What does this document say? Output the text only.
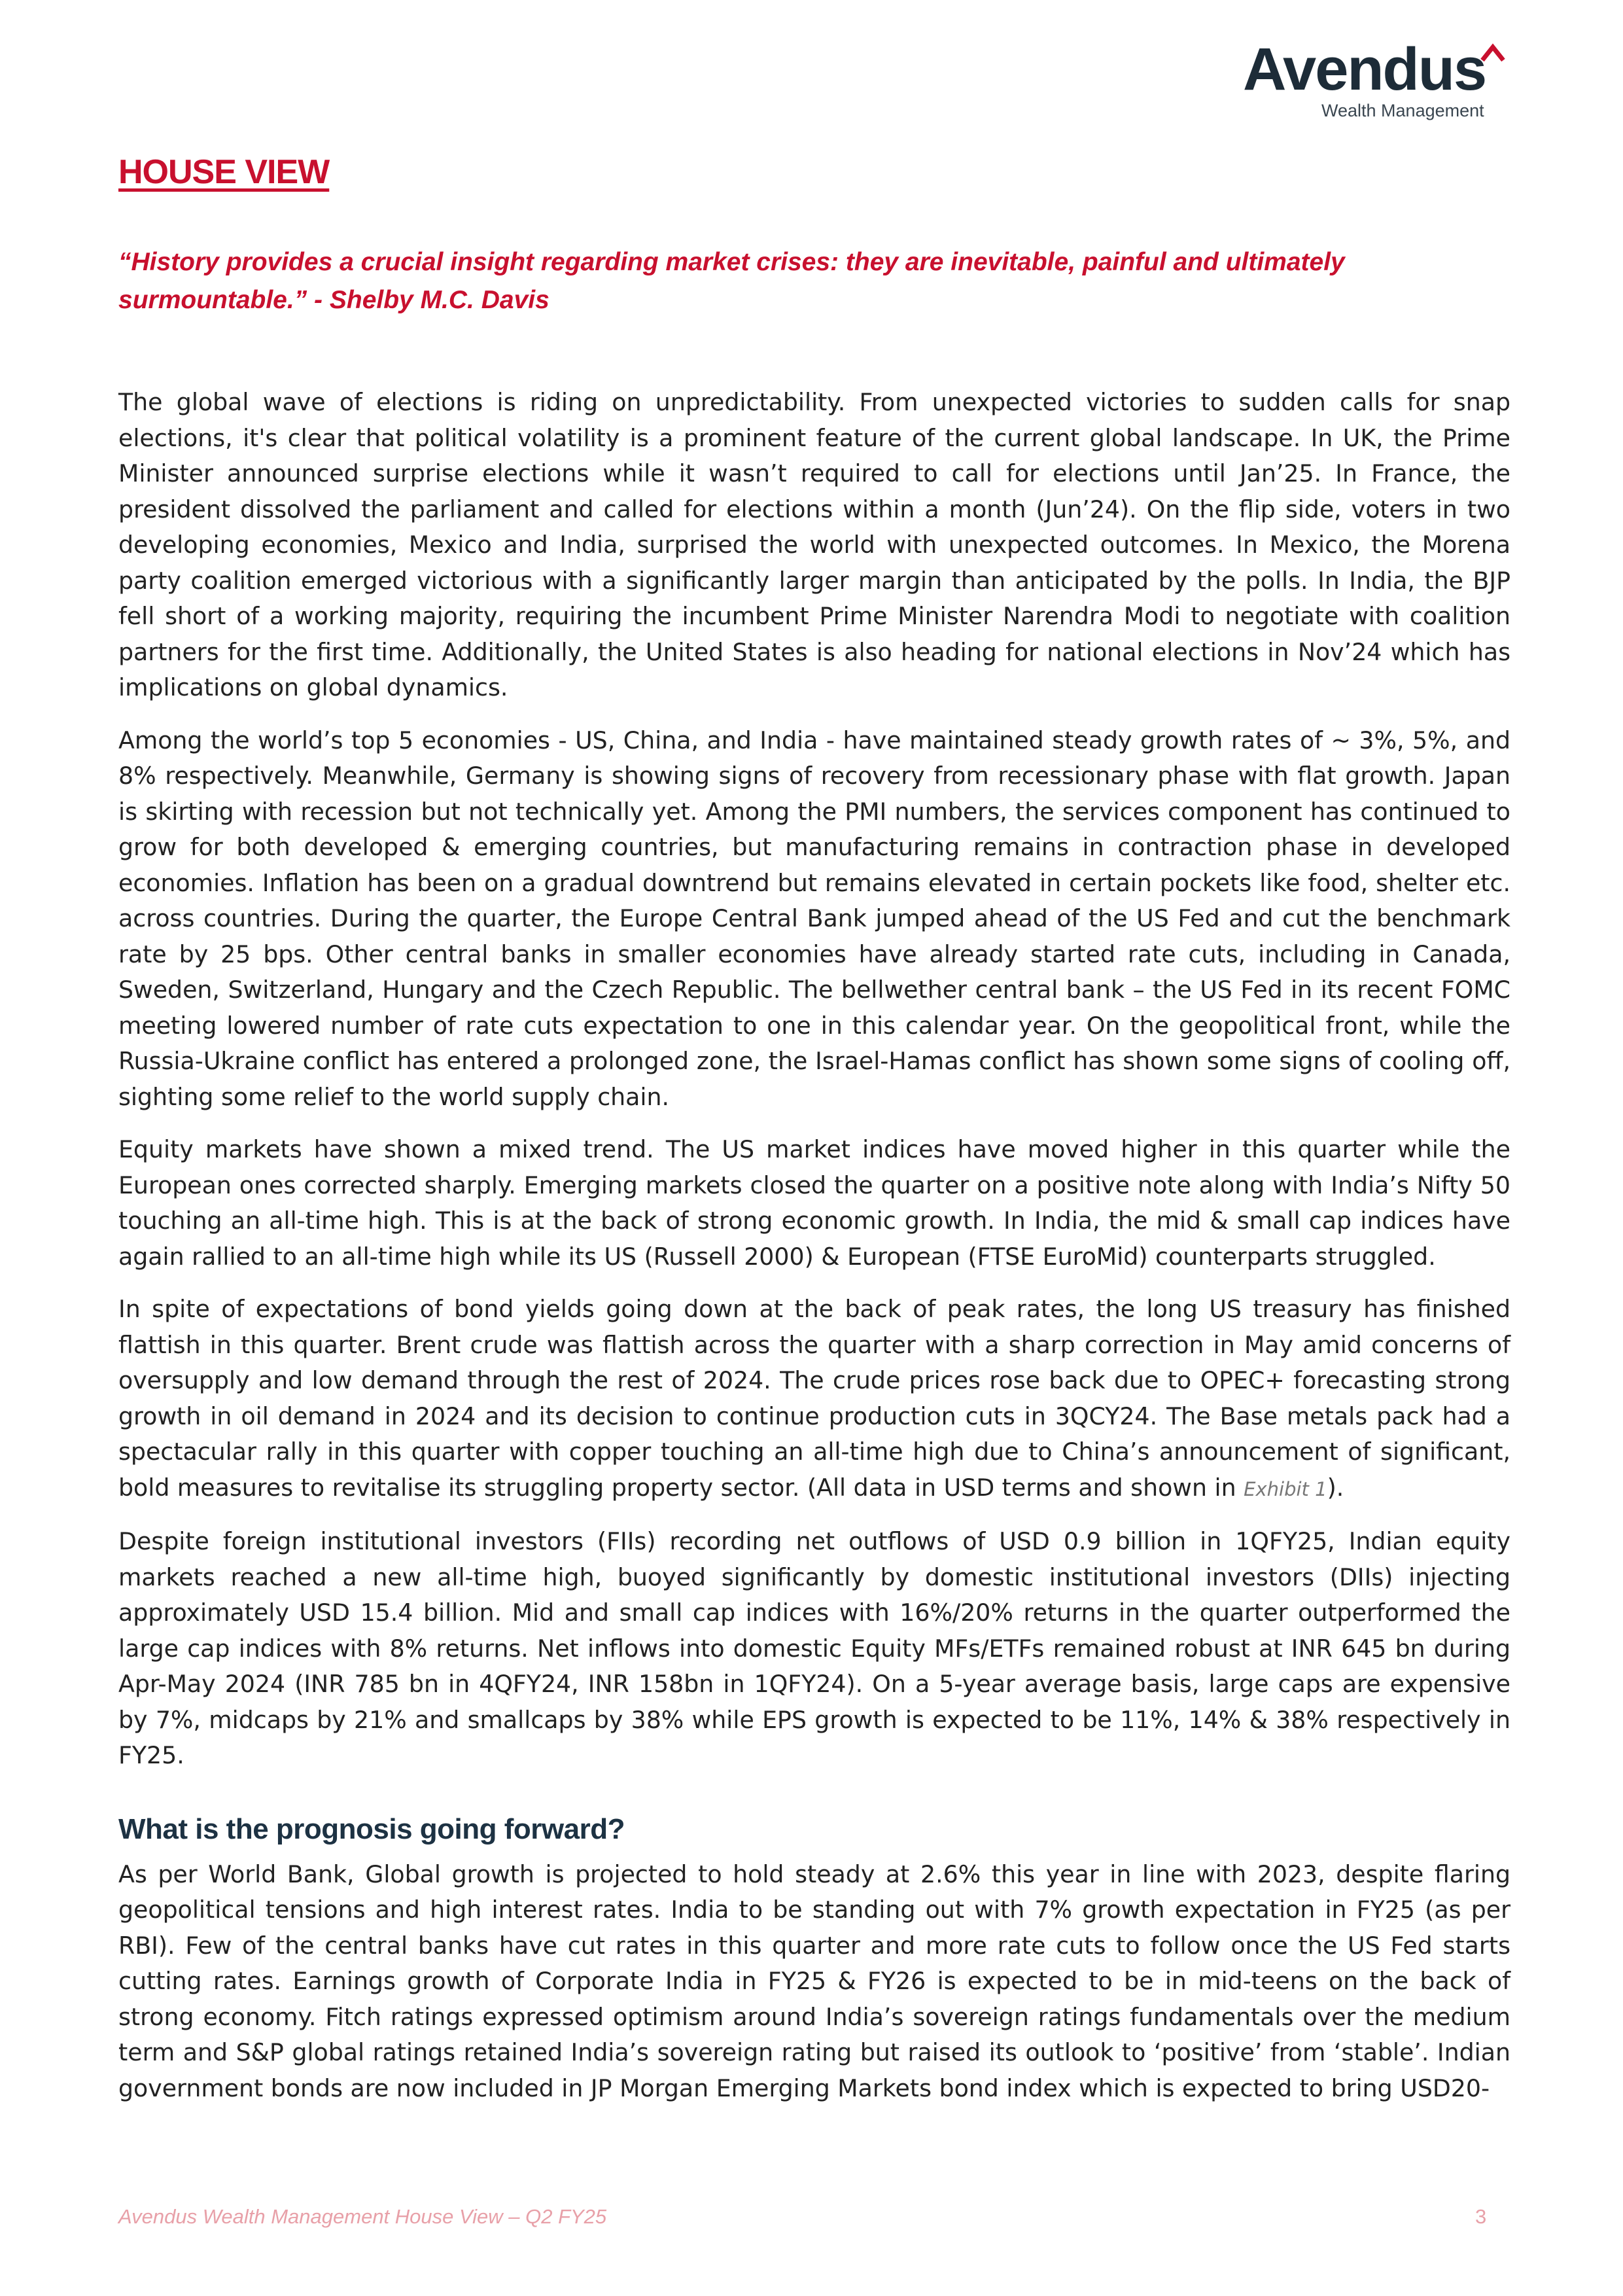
Avendus
Wealth Management
HOUSE VIEW

“History provides a crucial insight regarding market crises: they are inevitable, painful and ultimately surmountable.” - Shelby M.C. Davis

The global wave of elections is riding on unpredictability. From unexpected victories to sudden calls for snap elections, it's clear that political volatility is a prominent feature of the current global landscape. In UK, the Prime Minister announced surprise elections while it wasn’t required to call for elections until Jan’25. In France, the president dissolved the parliament and called for elections within a month (Jun’24). On the flip side, voters in two developing economies, Mexico and India, surprised the world with unexpected outcomes. In Mexico, the Morena party coalition emerged victorious with a significantly larger margin than anticipated by the polls. In India, the BJP fell short of a working majority, requiring the incumbent Prime Minister Narendra Modi to negotiate with coalition partners for the first time. Additionally, the United States is also heading for national elections in Nov’24 which has implications on global dynamics.

Among the world’s top 5 economies - US, China, and India - have maintained steady growth rates of ~ 3%, 5%, and 8% respectively. Meanwhile, Germany is showing signs of recovery from recessionary phase with flat growth. Japan is skirting with recession but not technically yet. Among the PMI numbers, the services component has continued to grow for both developed & emerging countries, but manufacturing remains in contraction phase in developed economies. Inflation has been on a gradual downtrend but remains elevated in certain pockets like food, shelter etc. across countries. During the quarter, the Europe Central Bank jumped ahead of the US Fed and cut the benchmark rate by 25 bps. Other central banks in smaller economies have already started rate cuts, including in Canada, Sweden, Switzerland, Hungary and the Czech Republic. The bellwether central bank – the US Fed in its recent FOMC meeting lowered number of rate cuts expectation to one in this calendar year. On the geopolitical front, while the Russia-Ukraine conflict has entered a prolonged zone, the Israel-Hamas conflict has shown some signs of cooling off, sighting some relief to the world supply chain.

Equity markets have shown a mixed trend. The US market indices have moved higher in this quarter while the European ones corrected sharply. Emerging markets closed the quarter on a positive note along with India’s Nifty 50 touching an all-time high. This is at the back of strong economic growth. In India, the mid & small cap indices have again rallied to an all-time high while its US (Russell 2000) & European (FTSE EuroMid) counterparts struggled.

In spite of expectations of bond yields going down at the back of peak rates, the long US treasury has finished flattish in this quarter. Brent crude was flattish across the quarter with a sharp correction in May amid concerns of oversupply and low demand through the rest of 2024. The crude prices rose back due to OPEC+ forecasting strong growth in oil demand in 2024 and its decision to continue production cuts in 3QCY24. The Base metals pack had a spectacular rally in this quarter with copper touching an all-time high due to China’s announcement of significant, bold measures to revitalise its struggling property sector. (All data in USD terms and shown in Exhibit 1).

Despite foreign institutional investors (FIIs) recording net outflows of USD 0.9 billion in 1QFY25, Indian equity markets reached a new all-time high, buoyed significantly by domestic institutional investors (DIIs) injecting approximately USD 15.4 billion. Mid and small cap indices with 16%/20% returns in the quarter outperformed the large cap indices with 8% returns. Net inflows into domestic Equity MFs/ETFs remained robust at INR 645 bn during Apr-May 2024 (INR 785 bn in 4QFY24, INR 158bn in 1QFY24). On a 5-year average basis, large caps are expensive by 7%, midcaps by 21% and smallcaps by 38% while EPS growth is expected to be 11%, 14% & 38% respectively in FY25.

What is the prognosis going forward?

As per World Bank, Global growth is projected to hold steady at 2.6% this year in line with 2023, despite flaring geopolitical tensions and high interest rates. India to be standing out with 7% growth expectation in FY25 (as per RBI). Few of the central banks have cut rates in this quarter and more rate cuts to follow once the US Fed starts cutting rates. Earnings growth of Corporate India in FY25 & FY26 is expected to be in mid-teens on the back of strong economy. Fitch ratings expressed optimism around India’s sovereign ratings fundamentals over the medium term and S&P global ratings retained India’s sovereign rating but raised its outlook to ‘positive’ from ‘stable’. Indian government bonds are now included in JP Morgan Emerging Markets bond index which is expected to bring USD20-

Avendus Wealth Management House View – Q2 FY25	3
